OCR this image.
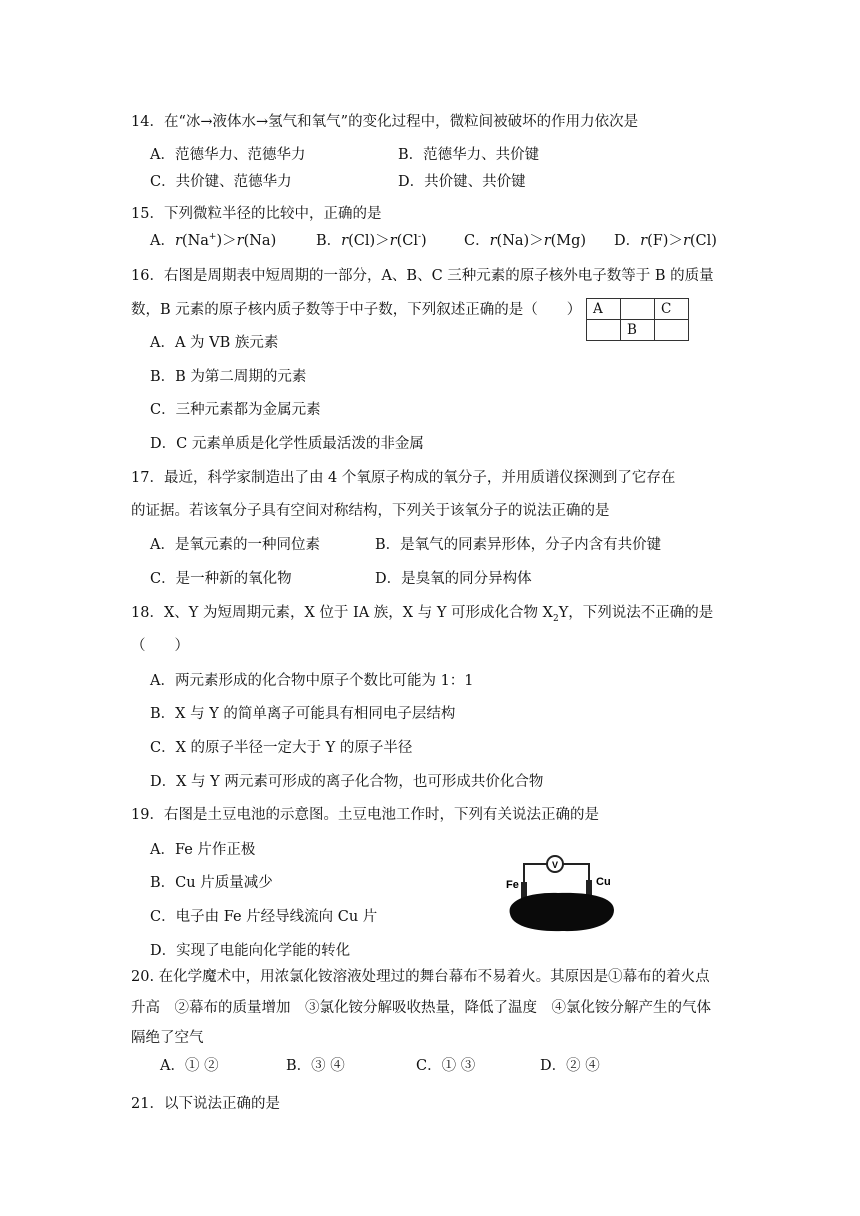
14．在“冰→液体水→氢气和氧气”的变化过程中，微粒间被破坏的作用力依次是
A．范德华力、范德华力	B．范德华力、共价键
C．共价键、范德华力	D．共价键、共价键
15．下列微粒半径的比较中，正确的是
A．r(Na+)＞r(Na)	B．r(Cl)＞r(Cl-)	C．r(Na)＞r(Mg) D．r(F)＞r(Cl)
16．右图是周期表中短周期的一部分，A、B、C 三种元素的原子核外电子数等于 B 的质量
数，B 元素的原子核内质子数等于中子数，下列叙述正确的是（　　） A		C
	B	
A．A 为 VB 族元素
B．B 为第二周期的元素
C．三种元素都为金属元素
D．C 元素单质是化学性质最活泼的非金属
17．最近，科学家制造出了由 4 个氧原子构成的氧分子，并用质谱仪探测到了它存在
的证据。若该氧分子具有空间对称结构，下列关于该氧分子的说法正确的是
A．是氧元素的一种同位素	B．是氧气的同素异形体，分子内含有共价键
C．是一种新的氧化物	D．是臭氧的同分异构体
18．X、Y 为短周期元素，X 位于 IA 族，X 与 Y 可形成化合物 $X_2Y$，下列说法不正确的是
（　　）
A．两元素形成的化合物中原子个数比可能为 1：1
B．X 与 Y 的简单离子可能具有相同电子层结构
C．X 的原子半径一定大于 Y 的原子半径
D．X 与 Y 两元素可形成的离子化合物，也可形成共价化合物
19．右图是土豆电池的示意图。土豆电池工作时，下列有关说法正确的是
A．Fe 片作正极
B．Cu 片质量减少
C．电子由 Fe 片经导线流向 Cu 片
D．实现了电能向化学能的转化
V
Fe	Cu
20. 在化学魔术中，用浓氯化铵溶液处理过的舞台幕布不易着火。其原因是①幕布的着火点
升高　②幕布的质量增加　③氯化铵分解吸收热量，降低了温度　④氯化铵分解产生的气体
隔绝了空气
A．① ②	B．③ ④	C．① ③	D．② ④
21．以下说法正确的是
